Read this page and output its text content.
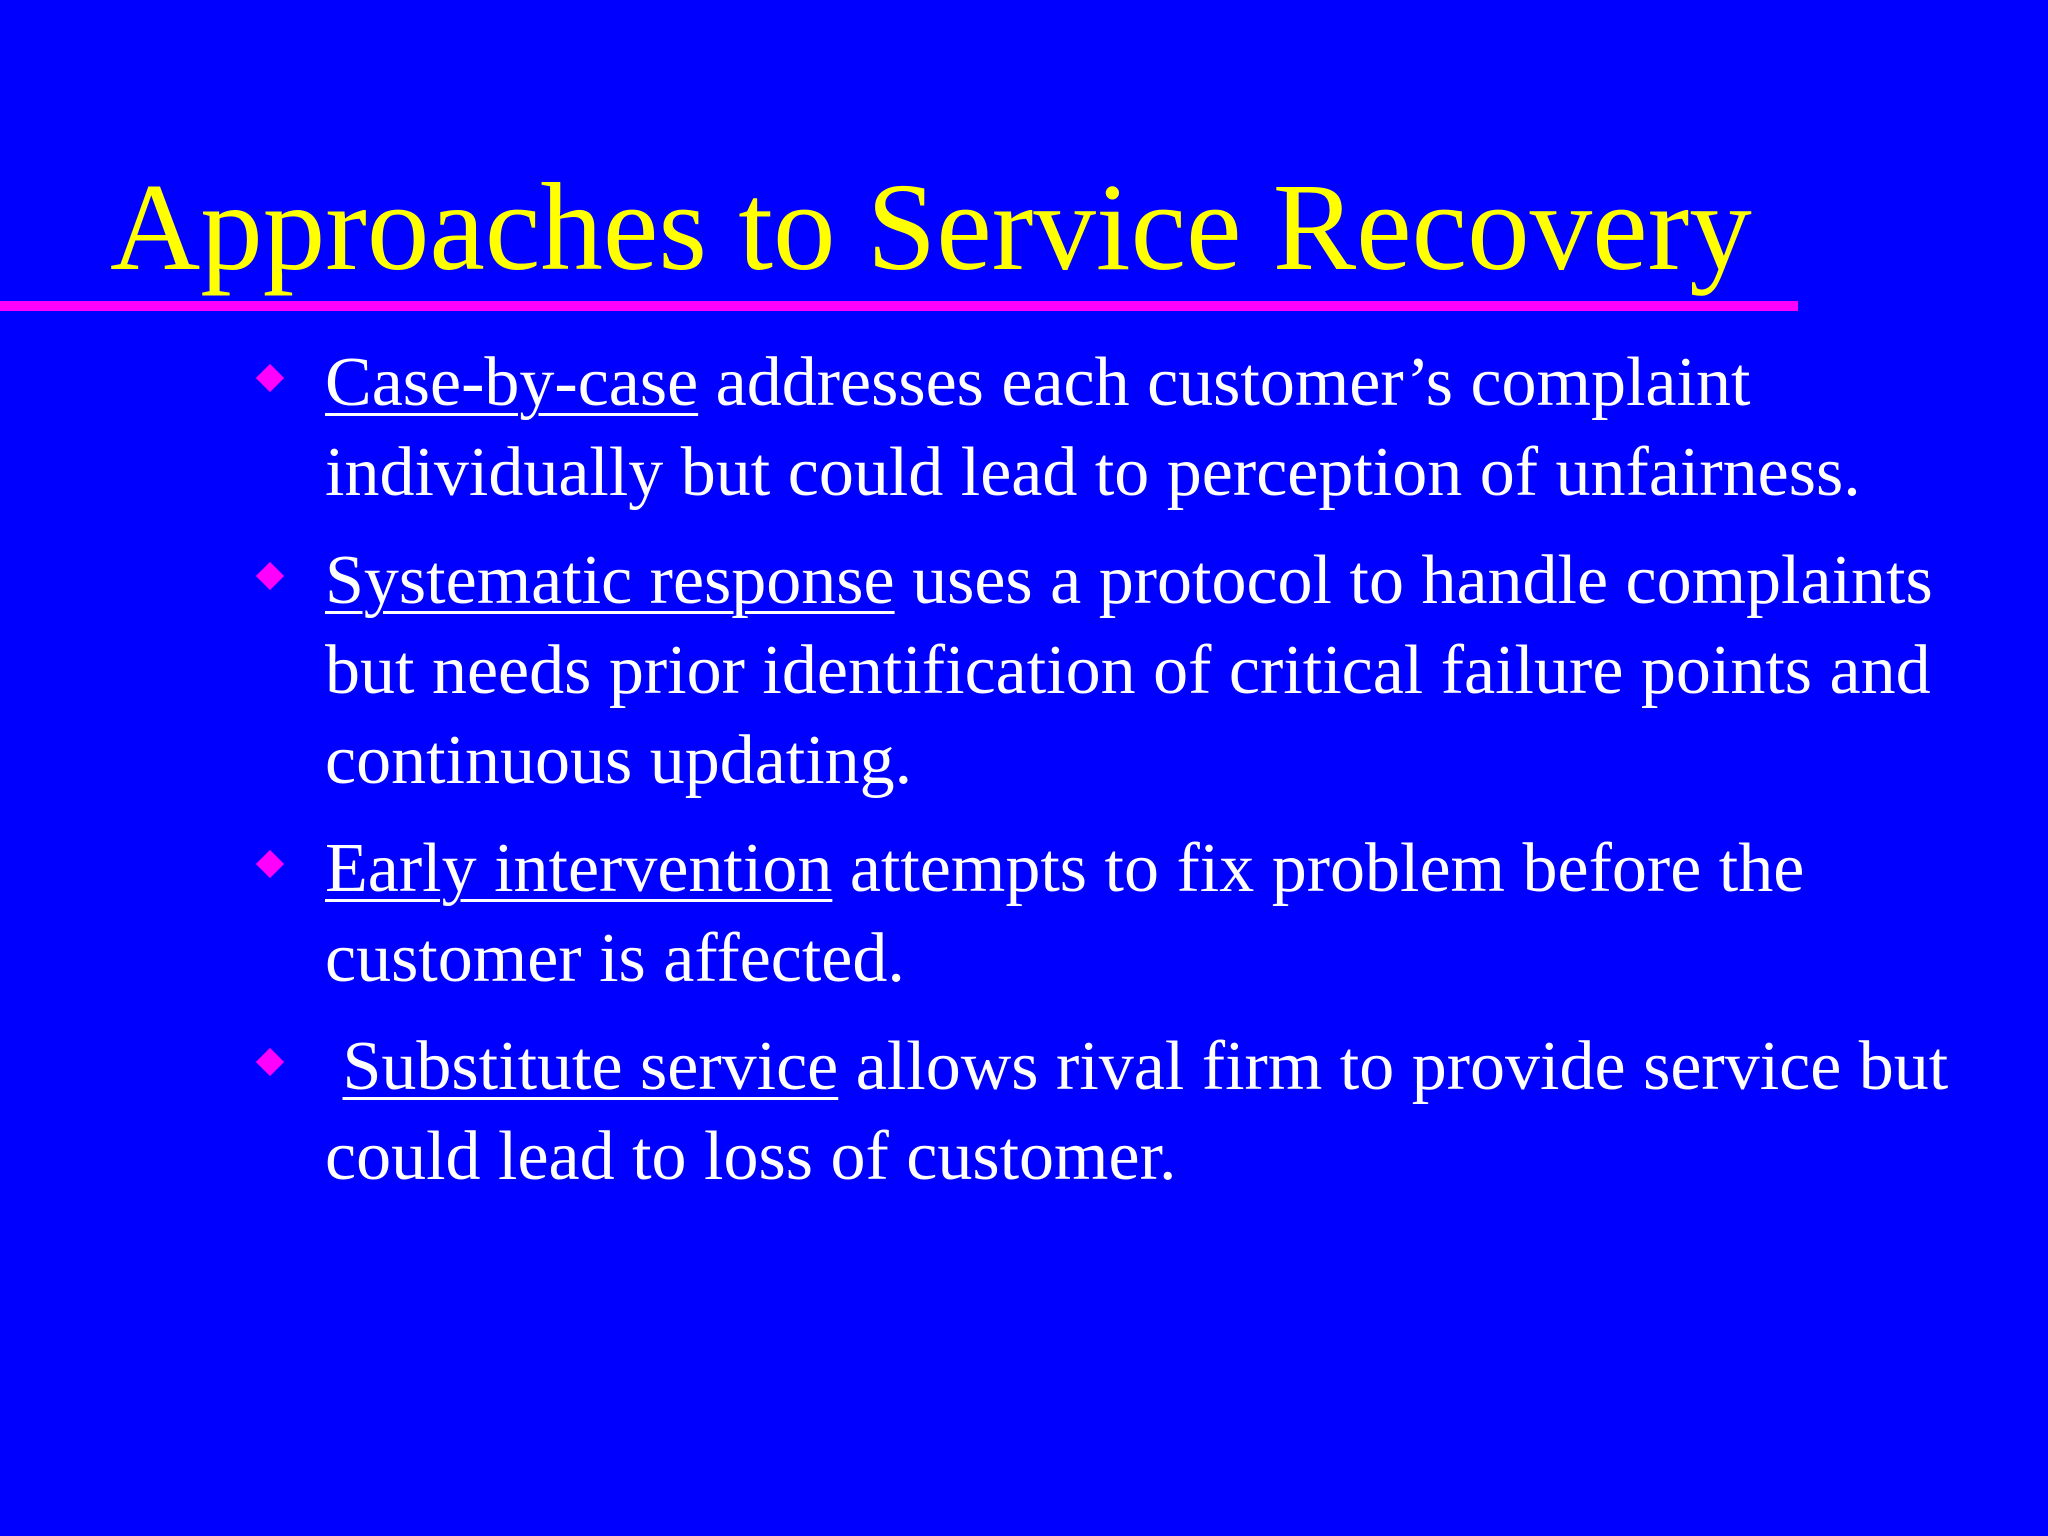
Approaches to Service Recovery
Case-by-case addresses each customer’s complaint individually but could lead to perception of unfairness.
Systematic response uses a protocol to handle complaints but needs prior identification of critical failure points and continuous updating.
Early intervention attempts to fix problem before the customer is affected.
Substitute service allows rival firm to provide service but could lead to loss of customer.
